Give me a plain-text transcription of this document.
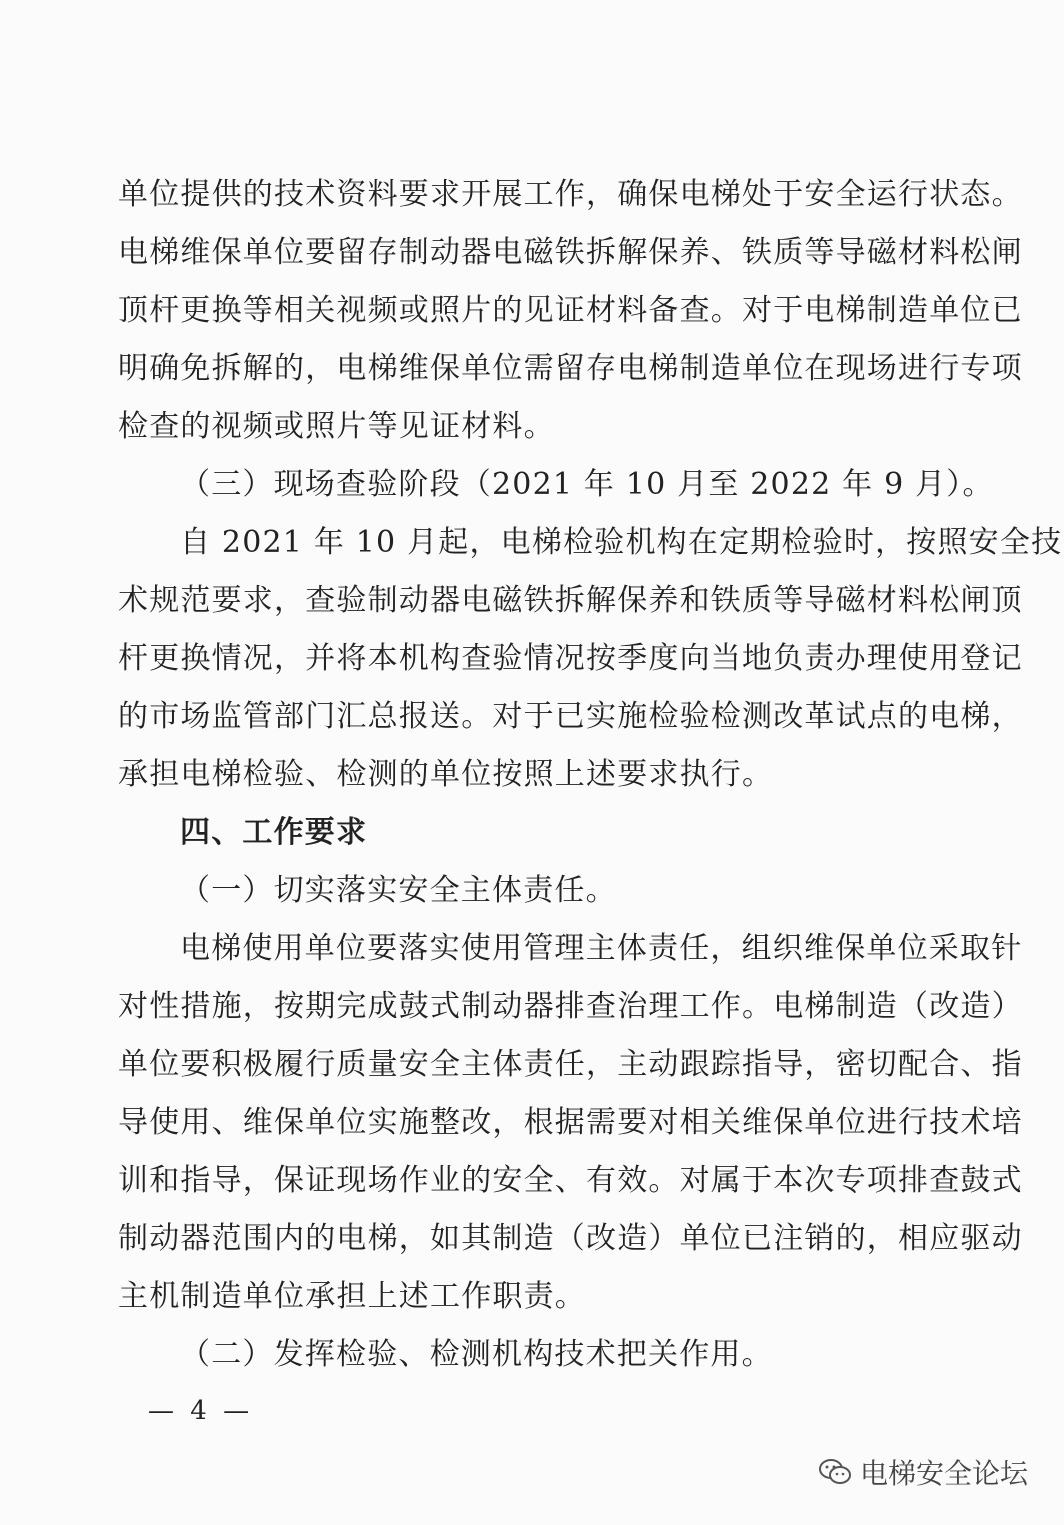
单位提供的技术资料要求开展工作，确保电梯处于安全运行状态。
电梯维保单位要留存制动器电磁铁拆解保养、铁质等导磁材料松闸
顶杆更换等相关视频或照片的见证材料备查。对于电梯制造单位已
明确免拆解的，电梯维保单位需留存电梯制造单位在现场进行专项
检查的视频或照片等见证材料。
（三）现场查验阶段（2021 年 10 月至 2022 年 9 月）。
自 2021 年 10 月起，电梯检验机构在定期检验时，按照安全技
术规范要求，查验制动器电磁铁拆解保养和铁质等导磁材料松闸顶
杆更换情况，并将本机构查验情况按季度向当地负责办理使用登记
的市场监管部门汇总报送。对于已实施检验检测改革试点的电梯，
承担电梯检验、检测的单位按照上述要求执行。
四、工作要求
（一）切实落实安全主体责任。
电梯使用单位要落实使用管理主体责任，组织维保单位采取针
对性措施，按期完成鼓式制动器排查治理工作。电梯制造（改造）
单位要积极履行质量安全主体责任，主动跟踪指导，密切配合、指
导使用、维保单位实施整改，根据需要对相关维保单位进行技术培
训和指导，保证现场作业的安全、有效。对属于本次专项排查鼓式
制动器范围内的电梯，如其制造（改造）单位已注销的，相应驱动
主机制造单位承担上述工作职责。
（二）发挥检验、检测机构技术把关作用。
— 4 —
电梯安全论坛
